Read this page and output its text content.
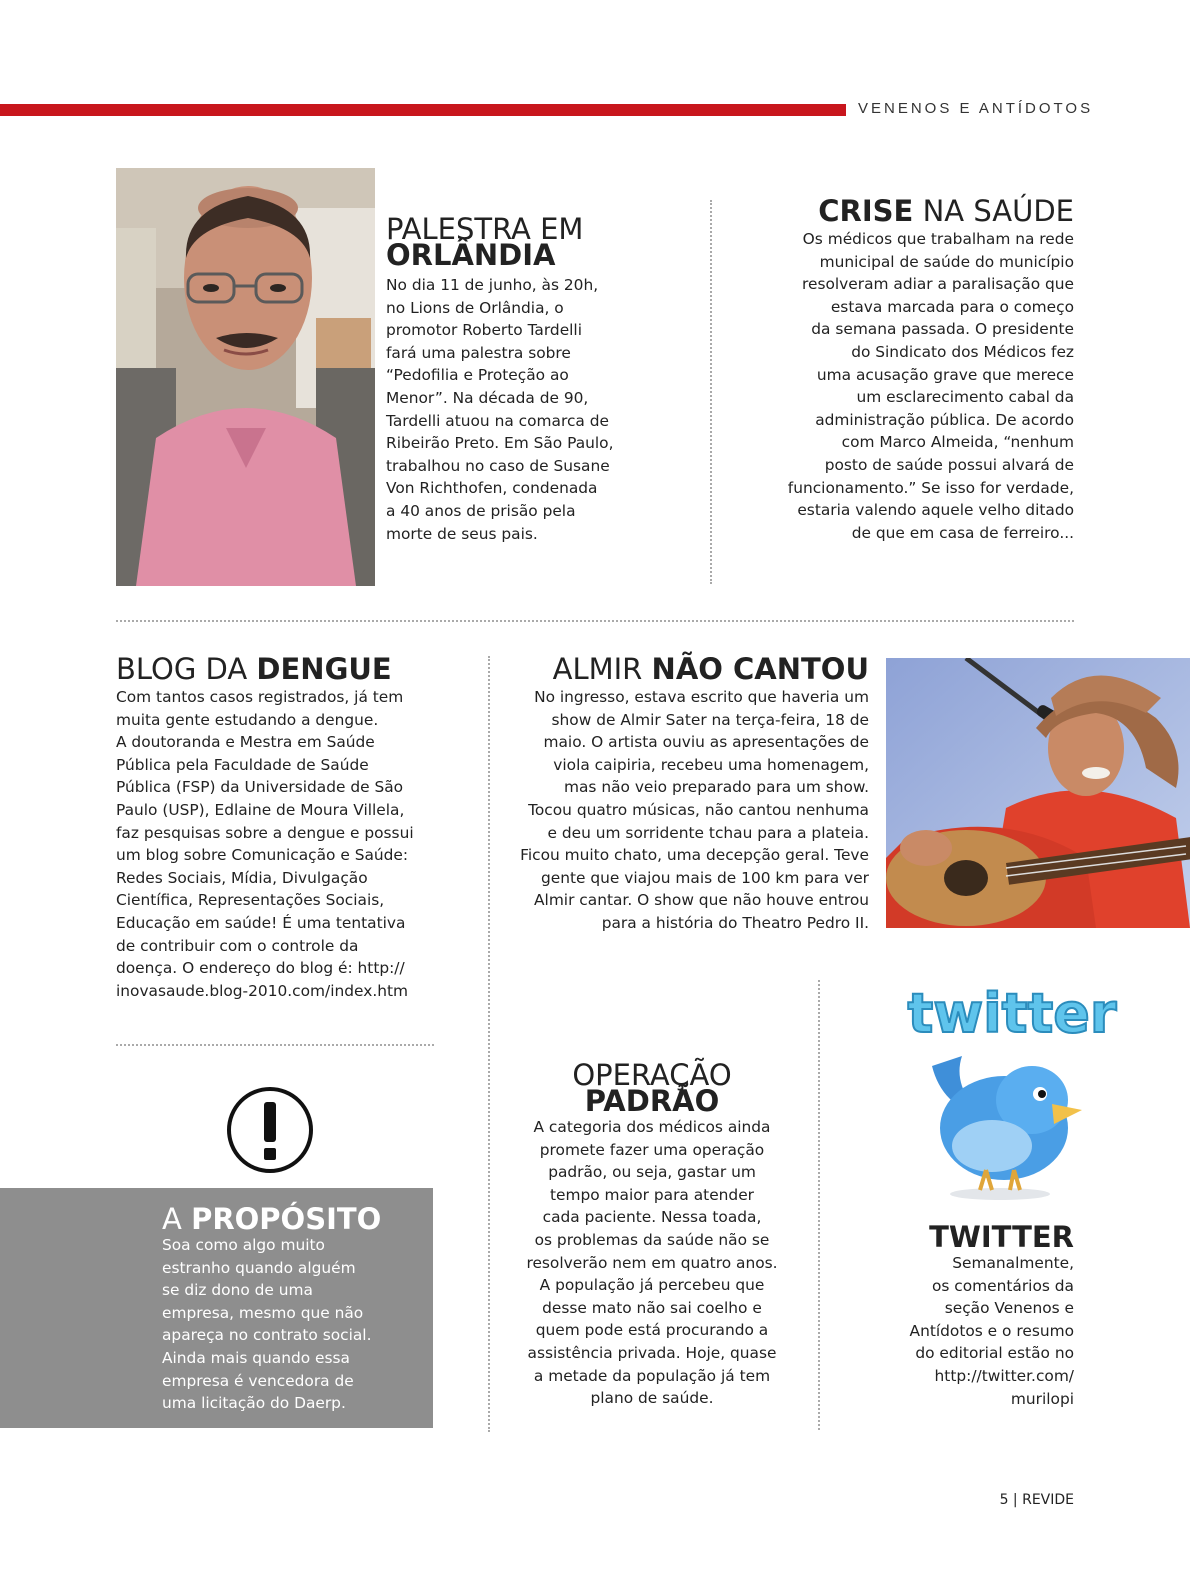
VENENOS E ANTÍDOTOS
PALESTRA EM
ORLÂNDIA
No dia 11 de junho, às 20h,
no Lions de Orlândia, o
promotor Roberto Tardelli
fará uma palestra sobre
“Pedofilia e Proteção ao
Menor”. Na década de 90,
Tardelli atuou na comarca de
Ribeirão Preto. Em São Paulo,
trabalhou no caso de Susane
Von Richthofen, condenada
a 40 anos de prisão pela
morte de seus pais.
CRISE NA SAÚDE
Os médicos que trabalham na rede
municipal de saúde do município
resolveram adiar a paralisação que
estava marcada para o começo
da semana passada. O presidente
do Sindicato dos Médicos fez
uma acusação grave que merece
um esclarecimento cabal da
administração pública. De acordo
com Marco Almeida, “nenhum
posto de saúde possui alvará de
funcionamento.” Se isso for verdade,
estaria valendo aquele velho ditado
de que em casa de ferreiro...
BLOG DA DENGUE
Com tantos casos registrados, já tem
muita gente estudando a dengue.
A doutoranda e Mestra em Saúde
Pública pela Faculdade de Saúde
Pública (FSP) da Universidade de São
Paulo (USP), Edlaine de Moura Villela,
faz pesquisas sobre a dengue e possui
um blog sobre Comunicação e Saúde:
Redes Sociais, Mídia, Divulgação
Científica, Representações Sociais,
Educação em saúde! É uma tentativa
de contribuir com o controle da
doença. O endereço do blog é: http://
inovasaude.blog-2010.com/index.htm
ALMIR NÃO CANTOU
No ingresso, estava escrito que haveria um
show de Almir Sater na terça-feira, 18 de
maio. O artista ouviu as apresentações de
viola caipiria, recebeu uma homenagem,
mas não veio preparado para um show.
Tocou quatro músicas, não cantou nenhuma
e deu um sorridente tchau para a plateia.
Ficou muito chato, uma decepção geral. Teve
gente que viajou mais de 100 km para ver
Almir cantar. O show que não houve entrou
para a história do Theatro Pedro II.
A PROPÓSITO
Soa como algo muito
estranho quando alguém
se diz dono de uma
empresa, mesmo que não
apareça no contrato social.
Ainda mais quando essa
empresa é vencedora de
uma licitação do Daerp.
OPERAÇÃO
PADRÃO
A categoria dos médicos ainda
promete fazer uma operação
padrão, ou seja, gastar um
tempo maior para atender
cada paciente. Nessa toada,
os problemas da saúde não se
resolverão nem em quatro anos.
A população já percebeu que
desse mato não sai coelho e
quem pode está procurando a
assistência privada. Hoje, quase
a metade da população já tem
plano de saúde.
twitter
TWITTER
Semanalmente,
os comentários da
seção Venenos e
Antídotos e o resumo
do editorial estão no
http://twitter.com/
murilopi
5 | REVIDE
